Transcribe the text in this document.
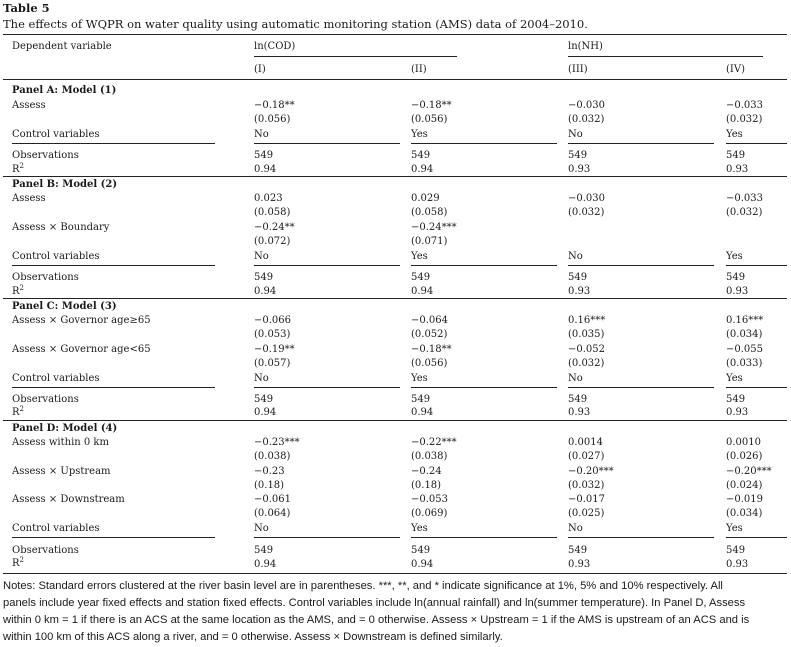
Table 5
The effects of WQPR on water quality using automatic monitoring station (AMS) data of 2004–2010.
Dependent variable	ln(COD)	ln(NH)
(I)	(II)	(III)	(IV)
Panel A: Model (1)
Assess	−0.18**	−0.18**	−0.030	−0.033
(0.056)	(0.056)	(0.032)	(0.032)
Control variables	No	Yes	No	Yes
Observations	549	549	549	549
$R^2$	0.94	0.94	0.93	0.93
Panel B: Model (2)
Assess	0.023	0.029	−0.030	−0.033
(0.058)	(0.058)	(0.032)	(0.032)
Assess × Boundary	−0.24**	−0.24***
(0.072)	(0.071)
Control variables	No	Yes	No	Yes
Observations	549	549	549	549
$R^2$	0.94	0.94	0.93	0.93
Panel C: Model (3)
Assess × Governor age≥65	−0.066	−0.064	0.16***	0.16***
(0.053)	(0.052)	(0.035)	(0.034)
Assess × Governor age<65	−0.19**	−0.18**	−0.052	−0.055
(0.057)	(0.056)	(0.032)	(0.033)
Control variables	No	Yes	No	Yes
Observations	549	549	549	549
$R^2$	0.94	0.94	0.93	0.93
Panel D: Model (4)
Assess within 0 km	−0.23***	−0.22***	0.0014	0.0010
(0.038)	(0.038)	(0.027)	(0.026)
Assess × Upstream	−0.23	−0.24	−0.20***	−0.20***
(0.18)	(0.18)	(0.032)	(0.024)
Assess × Downstream	−0.061	−0.053	−0.017	−0.019
(0.064)	(0.069)	(0.025)	(0.034)
Control variables	No	Yes	No	Yes
Observations	549	549	549	549
$R^2$	0.94	0.94	0.93	0.93
Notes: Standard errors clustered at the river basin level are in parentheses. ***, **, and * indicate significance at 1%, 5% and 10% respectively. All
panels include year fixed effects and station fixed effects. Control variables include ln(annual rainfall) and ln(summer temperature). In Panel D, Assess
within 0 km = 1 if there is an ACS at the same location as the AMS, and = 0 otherwise. Assess × Upstream = 1 if the AMS is upstream of an ACS and is
within 100 km of this ACS along a river, and = 0 otherwise. Assess × Downstream is defined similarly.
